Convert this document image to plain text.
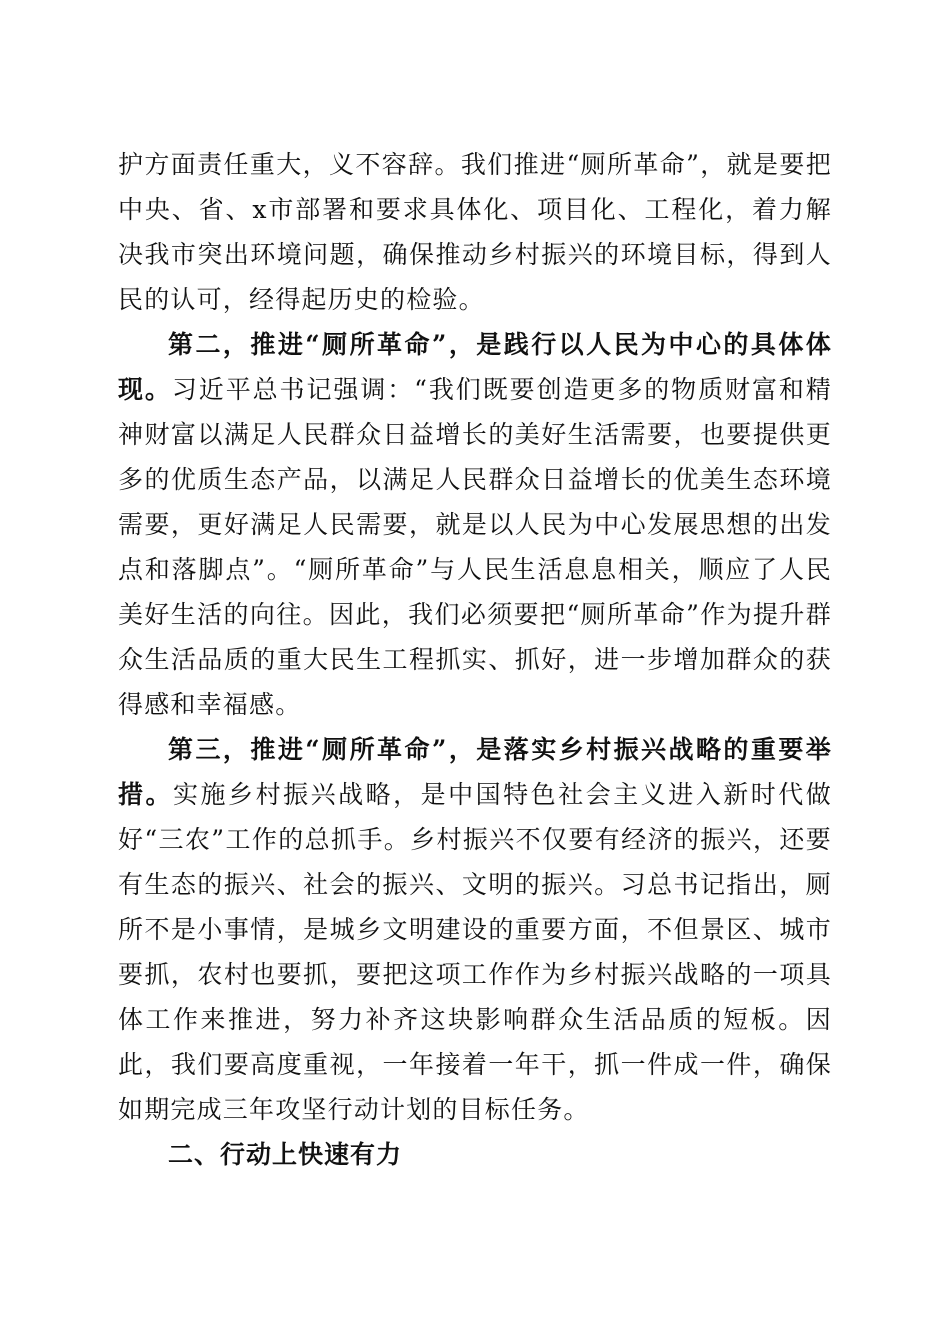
护方面责任重大，义不容辞。我们推进“厕所革命”，就是要把中央、省、x市部署和要求具体化、项目化、工程化，着力解决我市突出环境问题，确保推动乡村振兴的环境目标，得到人民的认可，经得起历史的检验。

第二，推进“厕所革命”，是践行以人民为中心的具体体现。习近平总书记强调：“我们既要创造更多的物质财富和精神财富以满足人民群众日益增长的美好生活需要，也要提供更多的优质生态产品，以满足人民群众日益增长的优美生态环境需要，更好满足人民需要，就是以人民为中心发展思想的出发点和落脚点”。“厕所革命”与人民生活息息相关，顺应了人民美好生活的向往。因此，我们必须要把“厕所革命”作为提升群众生活品质的重大民生工程抓实、抓好，进一步增加群众的获得感和幸福感。

第三，推进“厕所革命”，是落实乡村振兴战略的重要举措。实施乡村振兴战略，是中国特色社会主义进入新时代做好“三农”工作的总抓手。乡村振兴不仅要有经济的振兴，还要有生态的振兴、社会的振兴、文明的振兴。习总书记指出，厕所不是小事情，是城乡文明建设的重要方面，不但景区、城市要抓，农村也要抓，要把这项工作作为乡村振兴战略的一项具体工作来推进，努力补齐这块影响群众生活品质的短板。因此，我们要高度重视，一年接着一年干，抓一件成一件，确保如期完成三年攻坚行动计划的目标任务。

二、行动上快速有力
